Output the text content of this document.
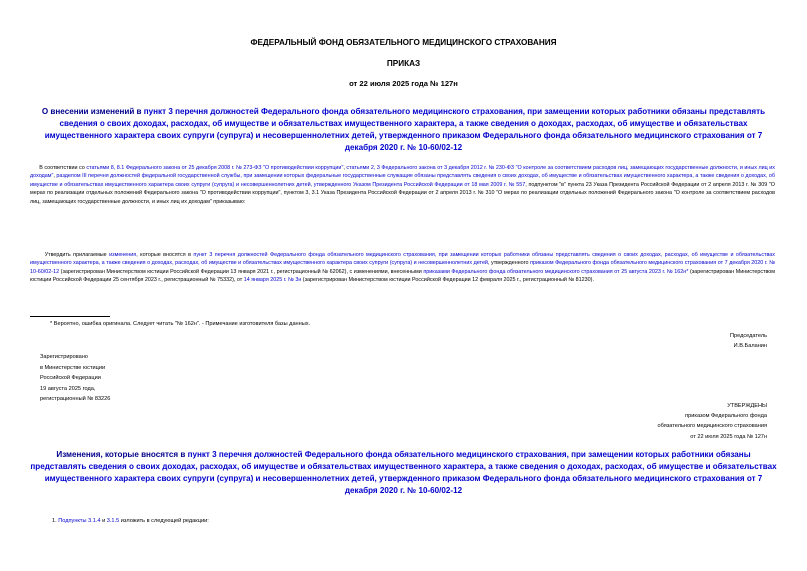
ФЕДЕРАЛЬНЫЙ ФОНД ОБЯЗАТЕЛЬНОГО МЕДИЦИНСКОГО СТРАХОВАНИЯ
ПРИКАЗ
от 22 июля 2025 года № 127н
О внесении изменений в пункт 3 перечня должностей Федерального фонда обязательного медицинского страхования, при замещении которых работники обязаны представлять сведения о своих доходах, расходах, об имуществе и обязательствах имущественного характера, а также сведения о доходах, расходах, об имуществе и обязательствах имущественного характера своих супруги (супруга) и несовершеннолетних детей, утвержденного приказом Федерального фонда обязательного медицинского страхования от 7 декабря 2020 г. № 10-60/02-12
В соответствии со статьями 8, 8.1 Федерального закона от 25 декабря 2008 г. № 273-ФЗ "О противодействии коррупции", статьями 2, 3 Федерального закона от 3 декабря 2012 г. № 230-ФЗ "О контроле за соответствием расходов лиц, замещающих государственные должности, и иных лиц их доходам", разделом III перечня должностей федеральной государственной службы, при замещении которых федеральные государственные служащие обязаны представлять сведения о своих доходах, об имуществе и обязательствах имущественного характера, а также сведения о доходах, об имуществе и обязательствах имущественного характера своих супруги (супруга) и несовершеннолетних детей, утвержденного Указом Президента Российской Федерации от 18 мая 2009 г. № 557, подпунктом "в" пункта 23 Указа Президента Российской Федерации от 2 апреля 2013 г. № 309 "О мерах по реализации отдельных положений Федерального закона "О противодействии коррупции", пунктом 3, 3.1 Указа Президента Российской Федерации от 2 апреля 2013 г. № 310 "О мерах по реализации отдельных положений Федерального закона "О контроле за соответствием расходов лиц, замещающих государственные должности, и иных лиц их доходам" приказываю:
Утвердить прилагаемые изменения, которые вносятся в пункт 3 перечня должностей Федерального фонда обязательного медицинского страхования, при замещении которых работники обязаны представлять сведения о своих доходах, расходах, об имуществе и обязательствах имущественного характера, а также сведения о доходах, расходах, об имуществе и обязательствах имущественного характера своих супруги (супруга) и несовершеннолетних детей, утвержденного приказом Федерального фонда обязательного медицинского страхования от 7 декабря 2020 г. № 10-60/02-12 (зарегистрирован Министерством юстиции Российской Федерации 13 января 2021 г., регистрационный № 62062), с изменениями, внесенными приказами Федерального фонда обязательного медицинского страхования от 25 августа 2023 г. № 162н* (зарегистрирован Министерством юстиции Российской Федерации 25 сентября 2023 г., регистрационный № 75332), от 14 января 2025 г. № 3н (зарегистрирован Министерством юстиции Российской Федерации 12 февраля 2025 г., регистрационный № 81230).
* Вероятно, ошибка оригинала. Следует читать "№ 162н". - Примечание изготовителя базы данных.
Председатель
И.В.Баланин
Зарегистрировано
в Министерстве юстиции
Российской Федерации
19 августа 2025 года,
регистрационный № 83226
УТВЕРЖДЕНЫ
приказом Федерального фонда
обязательного медицинского страхования
от 22 июля 2025 года № 127н
Изменения, которые вносятся в пункт 3 перечня должностей Федерального фонда обязательного медицинского страхования, при замещении которых работники обязаны представлять сведения о своих доходах, расходах, об имуществе и обязательствах имущественного характера, а также сведения о доходах, расходах, об имуществе и обязательствах имущественного характера своих супруги (супруга) и несовершеннолетних детей, утвержденного приказом Федерального фонда обязательного медицинского страхования от 7 декабря 2020 г. № 10-60/02-12
1. Подпункты 3.1.4 и 3.1.5 изложить в следующей редакции:
